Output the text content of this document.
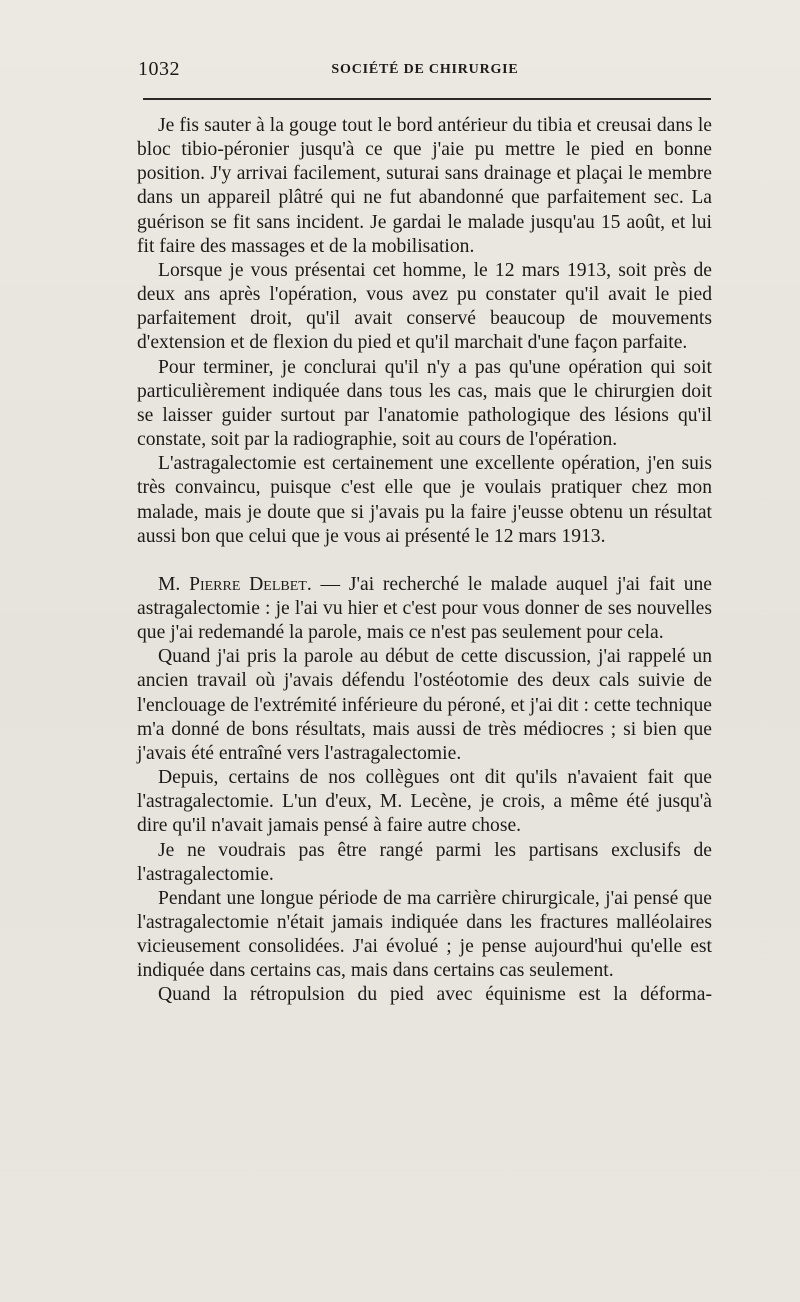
1032	SOCIÉTÉ DE CHIRURGIE

Je fis sauter à la gouge tout le bord antérieur du tibia et creusai dans le bloc tibio-péronier jusqu'à ce que j'aie pu mettre le pied en bonne position. J'y arrivai facilement, suturai sans drainage et plaçai le membre dans un appareil plâtré qui ne fut abandonné que parfaitement sec. La guérison se fit sans incident. Je gardai le malade jusqu'au 15 août, et lui fit faire des massages et de la mobilisation.

Lorsque je vous présentai cet homme, le 12 mars 1913, soit près de deux ans après l'opération, vous avez pu constater qu'il avait le pied parfaitement droit, qu'il avait conservé beaucoup de mouvements d'extension et de flexion du pied et qu'il marchait d'une façon parfaite.

Pour terminer, je conclurai qu'il n'y a pas qu'une opération qui soit particulièrement indiquée dans tous les cas, mais que le chirurgien doit se laisser guider surtout par l'anatomie pathologique des lésions qu'il constate, soit par la radiographie, soit au cours de l'opération.

L'astragalectomie est certainement une excellente opération, j'en suis très convaincu, puisque c'est elle que je voulais pratiquer chez mon malade, mais je doute que si j'avais pu la faire j'eusse obtenu un résultat aussi bon que celui que je vous ai présenté le 12 mars 1913.

M. Pierre Delbet. — J'ai recherché le malade auquel j'ai fait une astragalectomie : je l'ai vu hier et c'est pour vous donner de ses nouvelles que j'ai redemandé la parole, mais ce n'est pas seulement pour cela.

Quand j'ai pris la parole au début de cette discussion, j'ai rappelé un ancien travail où j'avais défendu l'ostéotomie des deux cals suivie de l'enclouage de l'extrémité inférieure du péroné, et j'ai dit : cette technique m'a donné de bons résultats, mais aussi de très médiocres ; si bien que j'avais été entraîné vers l'astragalectomie.

Depuis, certains de nos collègues ont dit qu'ils n'avaient fait que l'astragalectomie. L'un d'eux, M. Lecène, je crois, a même été jusqu'à dire qu'il n'avait jamais pensé à faire autre chose.

Je ne voudrais pas être rangé parmi les partisans exclusifs de l'astragalectomie.

Pendant une longue période de ma carrière chirurgicale, j'ai pensé que l'astragalectomie n'était jamais indiquée dans les fractures malléolaires vicieusement consolidées. J'ai évolué ; je pense aujourd'hui qu'elle est indiquée dans certains cas, mais dans certains cas seulement.

Quand la rétropulsion du pied avec équinisme est la déforma-
